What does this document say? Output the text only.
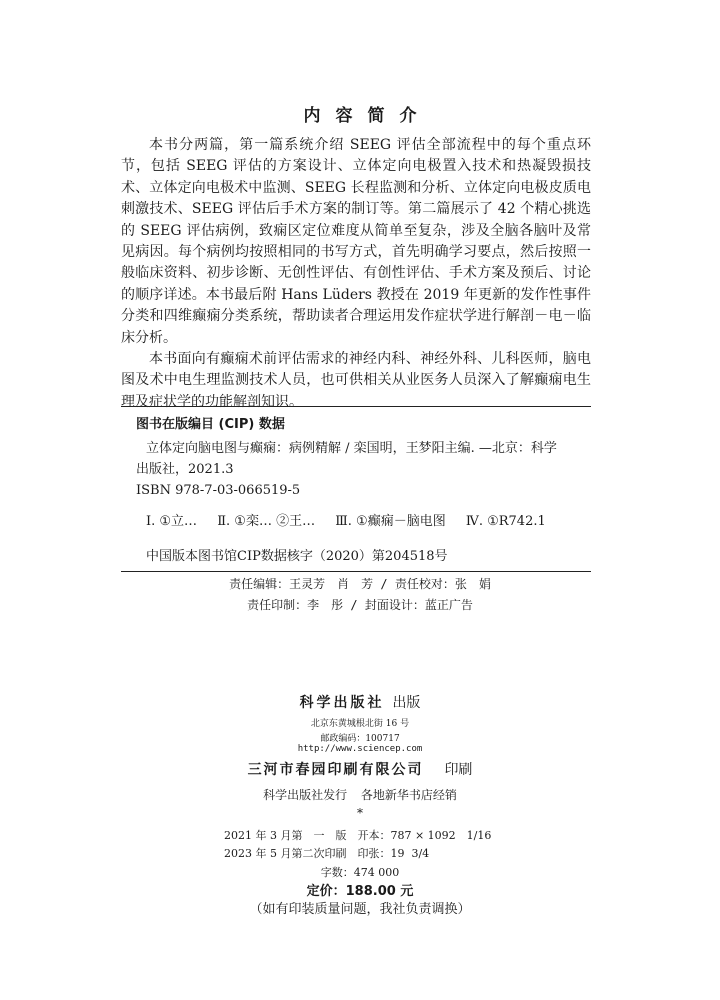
内容简介

本书分两篇，第一篇系统介绍 SEEG 评估全部流程中的每个重点环节，包括 SEEG 评估的方案设计、立体定向电极置入技术和热凝毁损技术、立体定向电极术中监测、SEEG 长程监测和分析、立体定向电极皮质电刺激技术、SEEG 评估后手术方案的制订等。第二篇展示了 42 个精心挑选的 SEEG 评估病例，致痫区定位难度从简单至复杂，涉及全脑各脑叶及常见病因。每个病例均按照相同的书写方式，首先明确学习要点，然后按照一般临床资料、初步诊断、无创性评估、有创性评估、手术方案及预后、讨论的顺序详述。本书最后附 Hans Lüders 教授在 2019 年更新的发作性事件分类和四维癫痫分类系统，帮助读者合理运用发作症状学进行解剖－电－临床分析。

本书面向有癫痫术前评估需求的神经内科、神经外科、儿科医师，脑电图及术中电生理监测技术人员，也可供相关从业医务人员深入了解癫痫电生理及症状学的功能解剖知识。

图书在版编目 (CIP) 数据
立体定向脑电图与癫痫：病例精解 / 栾国明，王梦阳主编. —北京：科学
出版社，2021.3
ISBN 978-7-03-066519-5
Ⅰ. ①立… Ⅱ. ①栾… ②王… Ⅲ. ①癫痫－脑电图 Ⅳ. ①R742.1
中国版本图书馆CIP数据核字（2020）第204518号
责任编辑：王灵芳　肖　芳 / 责任校对：张　娟
责任印制：李　彤 / 封面设计：蓝正广告
科学出版社 出版
北京东黄城根北街 16 号
邮政编码：100717
http://www.sciencep.com
三河市春园印刷有限公司 印刷
科学出版社发行 各地新华书店经销
*
2021 年 3 月第　一　版　开本：787 × 1092　1/16
2023 年 5 月第二次印刷　印张：19  3/4
字数：474 000
定价：188.00 元
（如有印装质量问题，我社负责调换）
